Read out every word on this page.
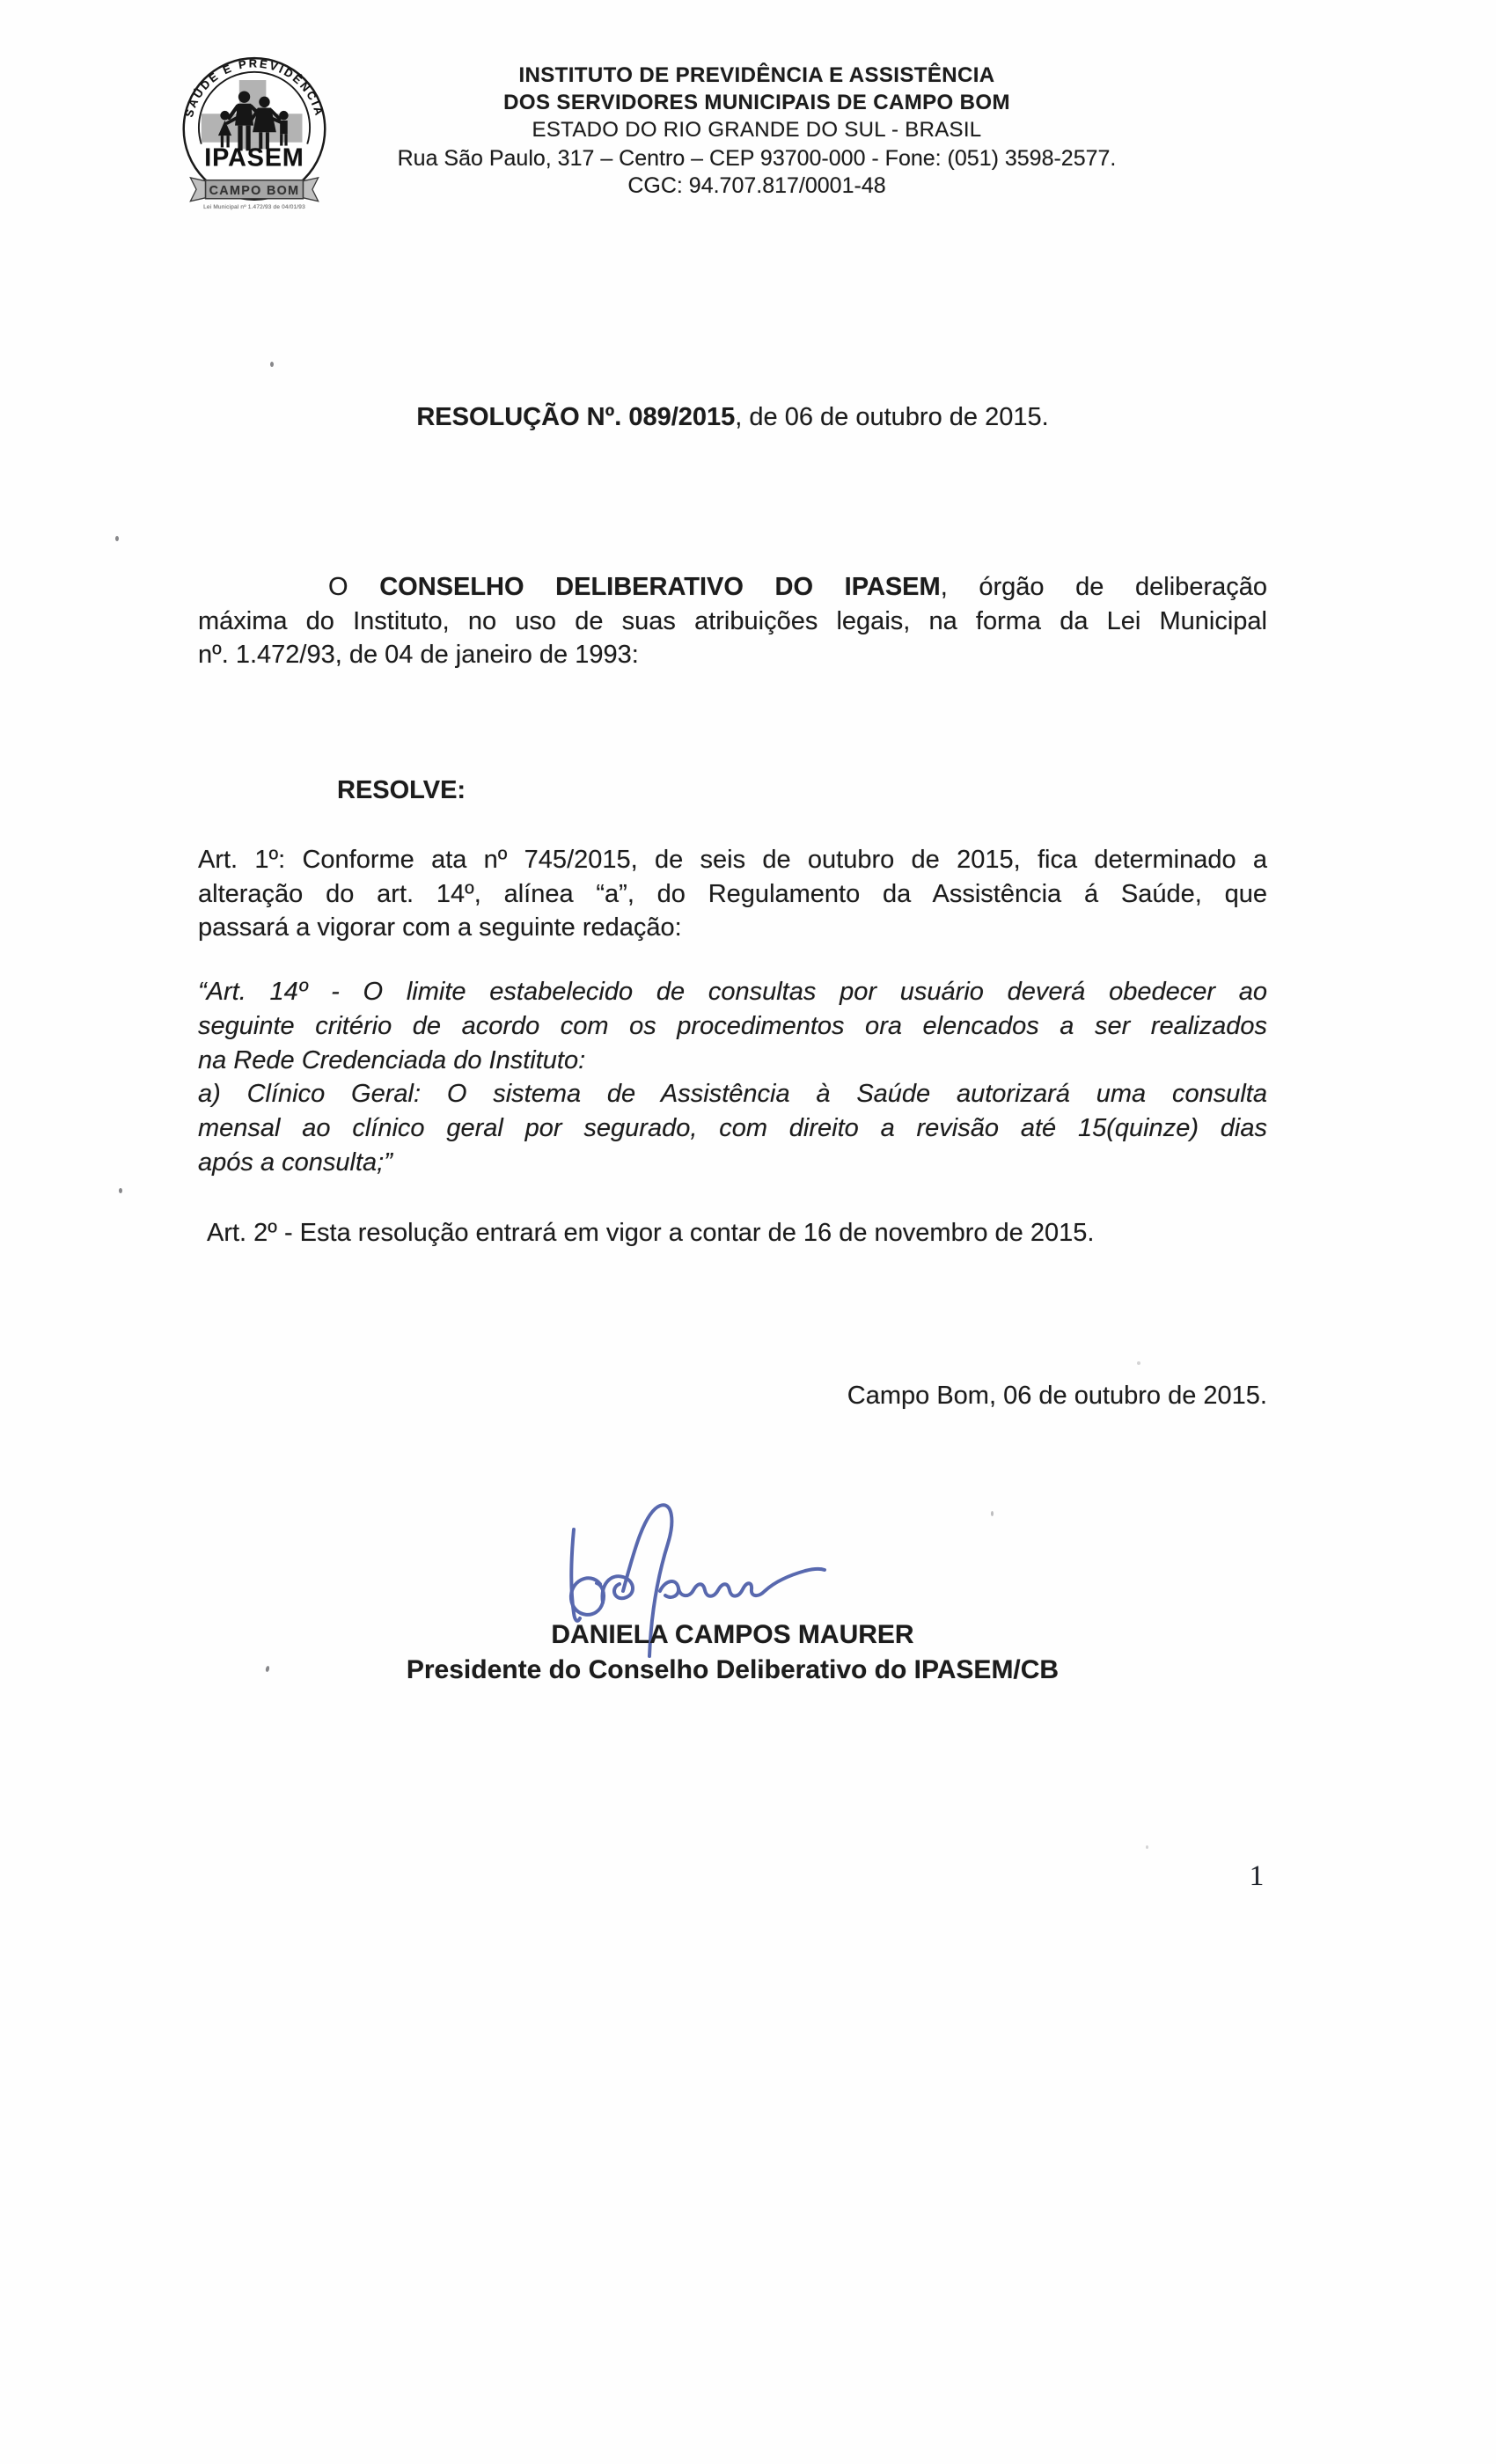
SAÚDE E PREVIDÊNCIA
IPASEM
CAMPO BOM
Lei Municipal nº 1.472/93 de 04/01/93
INSTITUTO DE PREVIDÊNCIA E ASSISTÊNCIA
DOS SERVIDORES MUNICIPAIS DE CAMPO BOM
ESTADO DO RIO GRANDE DO SUL - BRASIL
Rua São Paulo, 317 – Centro – CEP 93700-000 - Fone: (051) 3598-2577.
CGC: 94.707.817/0001-48
RESOLUÇÃO Nº. 089/2015, de 06 de outubro de 2015.
O CONSELHO DELIBERATIVO DO IPASEM, órgão de deliberação
máxima do Instituto, no uso de suas atribuições legais, na forma da Lei Municipal
nº. 1.472/93, de 04 de janeiro de 1993:
RESOLVE:
Art. 1º: Conforme ata nº 745/2015, de seis de outubro de 2015, fica determinado a
alteração do art. 14º, alínea “a”, do Regulamento da Assistência á Saúde, que
passará a vigorar com a seguinte redação:
“Art. 14º - O limite estabelecido de consultas por usuário deverá obedecer ao
seguinte critério de acordo com os procedimentos ora elencados a ser realizados
na Rede Credenciada do Instituto:
a) Clínico Geral: O sistema de Assistência à Saúde autorizará uma consulta
mensal ao clínico geral por segurado, com direito a revisão até 15(quinze) dias
após a consulta;”
Art. 2º - Esta resolução entrará em vigor a contar de 16 de novembro de 2015.
Campo Bom, 06 de outubro de 2015.
DANIELA CAMPOS MAURER
Presidente do Conselho Deliberativo do IPASEM/CB
1
